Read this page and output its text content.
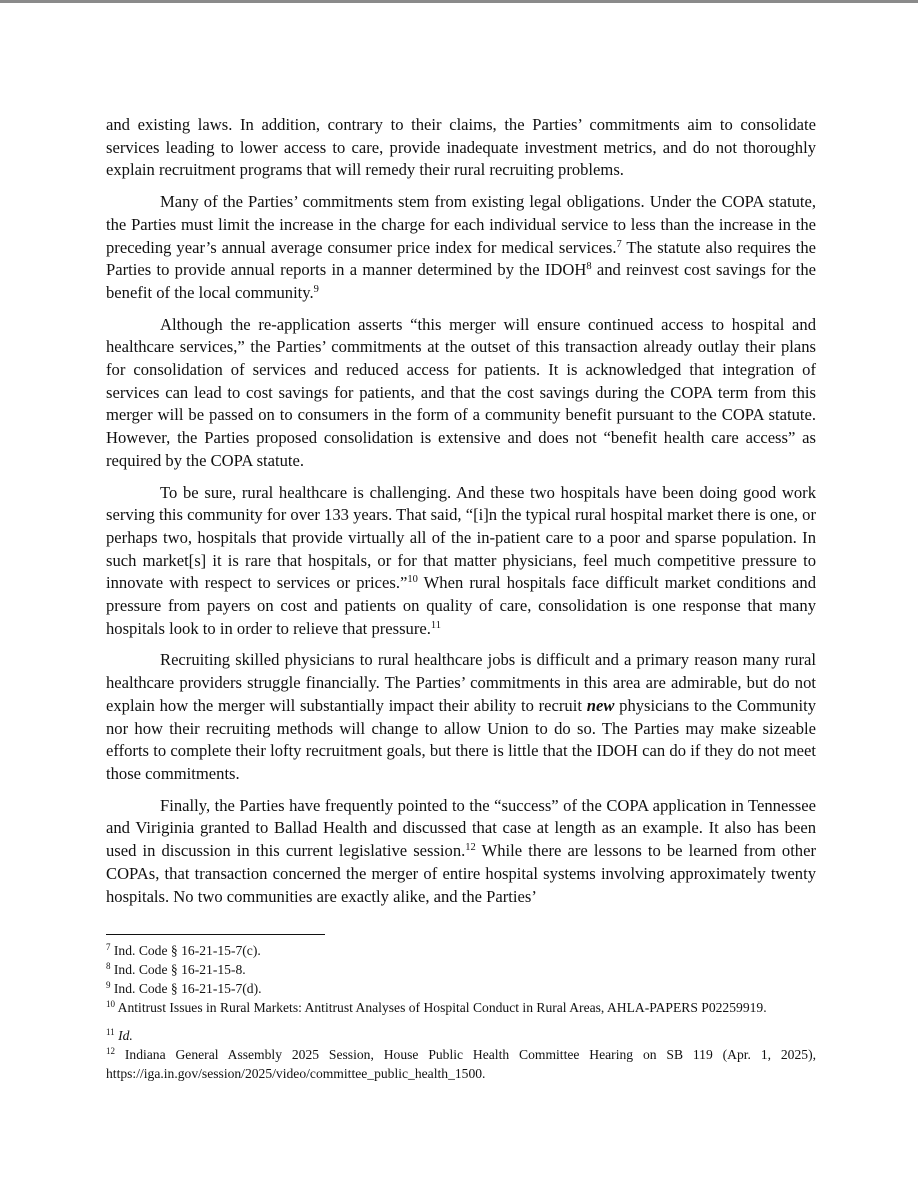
and existing laws. In addition, contrary to their claims, the Parties’ commitments aim to consolidate services leading to lower access to care, provide inadequate investment metrics, and do not thoroughly explain recruitment programs that will remedy their rural recruiting problems.

Many of the Parties’ commitments stem from existing legal obligations. Under the COPA statute, the Parties must limit the increase in the charge for each individual service to less than the increase in the preceding year’s annual average consumer price index for medical services.$^7$ The statute also requires the Parties to provide annual reports in a manner determined by the IDOH$^8$ and reinvest cost savings for the benefit of the local community.$^9$

Although the re-application asserts “this merger will ensure continued access to hospital and healthcare services,” the Parties’ commitments at the outset of this transaction already outlay their plans for consolidation of services and reduced access for patients. It is acknowledged that integration of services can lead to cost savings for patients, and that the cost savings during the COPA term from this merger will be passed on to consumers in the form of a community benefit pursuant to the COPA statute. However, the Parties proposed consolidation is extensive and does not “benefit health care access” as required by the COPA statute.

To be sure, rural healthcare is challenging. And these two hospitals have been doing good work serving this community for over 133 years. That said, “[i]n the typical rural hospital market there is one, or perhaps two, hospitals that provide virtually all of the in-patient care to a poor and sparse population. In such market[s] it is rare that hospitals, or for that matter physicians, feel much competitive pressure to innovate with respect to services or prices.”$^{10}$ When rural hospitals face difficult market conditions and pressure from payers on cost and patients on quality of care, consolidation is one response that many hospitals look to in order to relieve that pressure.$^{11}$

Recruiting skilled physicians to rural healthcare jobs is difficult and a primary reason many rural healthcare providers struggle financially. The Parties’ commitments in this area are admirable, but do not explain how the merger will substantially impact their ability to recruit new physicians to the Community nor how their recruiting methods will change to allow Union to do so. The Parties may make sizeable efforts to complete their lofty recruitment goals, but there is little that the IDOH can do if they do not meet those commitments.

Finally, the Parties have frequently pointed to the “success” of the COPA application in Tennessee and Viriginia granted to Ballad Health and discussed that case at length as an example. It also has been used in discussion in this current legislative session.$^{12}$ While there are lessons to be learned from other COPAs, that transaction concerned the merger of entire hospital systems involving approximately twenty hospitals. No two communities are exactly alike, and the Parties’

$^7$ Ind. Code § 16-21-15-7(c).

$^8$ Ind. Code § 16-21-15-8.

$^9$ Ind. Code § 16-21-15-7(d).

$^{10}$ Antitrust Issues in Rural Markets: Antitrust Analyses of Hospital Conduct in Rural Areas, AHLA-PAPERS P02259919.

$^{11}$ Id.

$^{12}$ Indiana General Assembly 2025 Session, House Public Health Committee Hearing on SB 119 (Apr. 1, 2025), https://iga.in.gov/session/2025/video/committee_public_health_1500.
